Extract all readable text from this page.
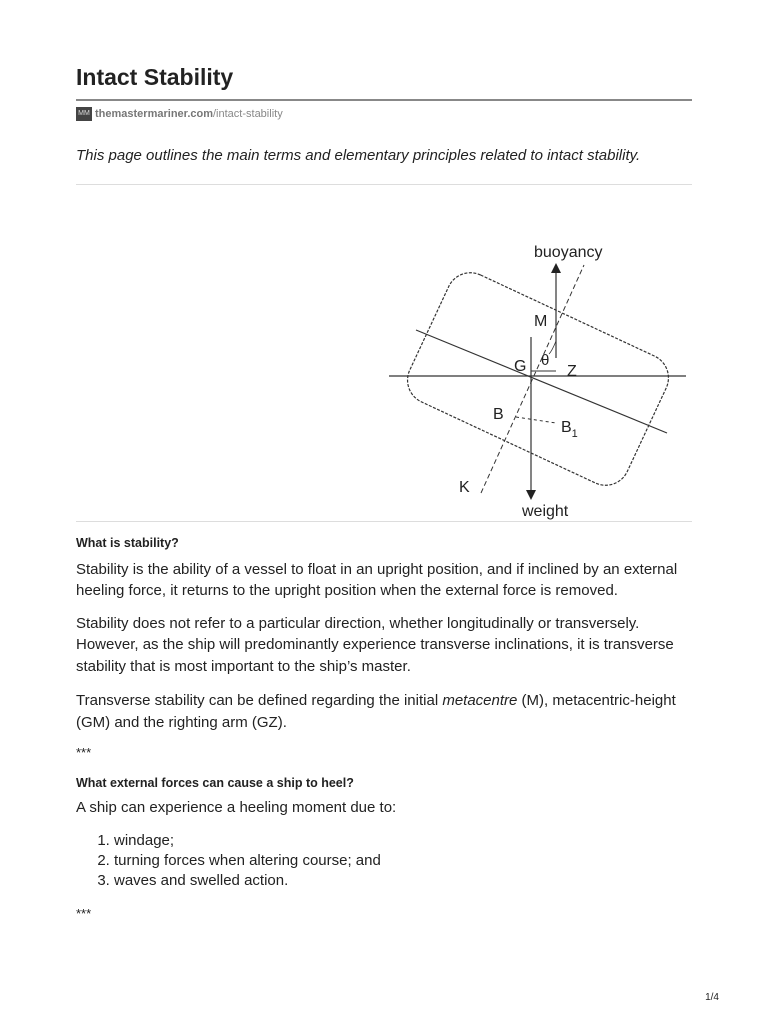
Intact Stability
MM themastermariner.com/intact-stability

This page outlines the main terms and elementary principles related to intact stability.

buoyancy
weight
M
G θ
Z
B
$B_1$
K
What is stability?

Stability is the ability of a vessel to float in an upright position, and if inclined by an external heeling force, it returns to the upright position when the external force is removed.

Stability does not refer to a particular direction, whether longitudinally or transversely. However, as the ship will predominantly experience transverse inclinations, it is transverse stability that is most important to the ship’s master.

Transverse stability can be defined regarding the initial metacentre (M), metacentric-height (GM) and the righting arm (GZ).

***
What external forces can cause a ship to heel?

A ship can experience a heeling moment due to:

1. windage;
2. turning forces when altering course; and
3. waves and swelled action.
***
1/4
